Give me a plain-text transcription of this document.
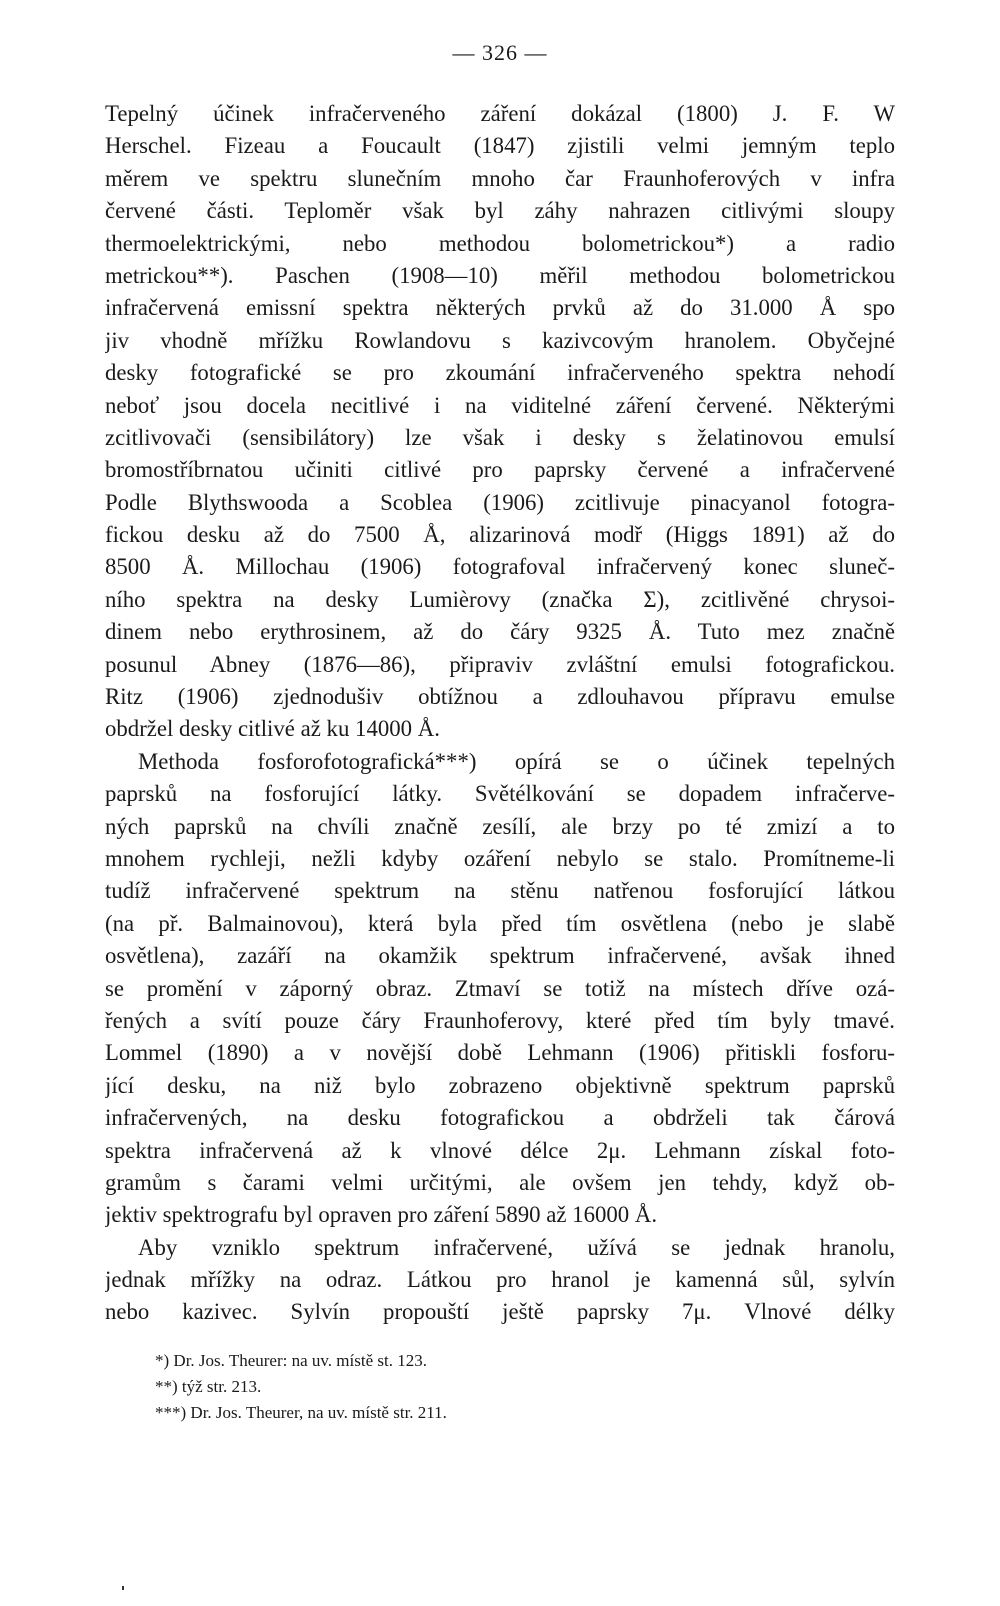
— 326 —
Tepelný účinek infračerveného záření dokázal (1800) J. F. W
Herschel. Fizeau a Foucault (1847) zjistili velmi jemným teplo
měrem ve spektru slunečním mnoho čar Fraunhoferových v infra
červené části. Teploměr však byl záhy nahrazen citlivými sloupy
thermoelektrickými, nebo methodou bolometrickou*) a radio
metrickou**). Paschen (1908—10) měřil methodou bolometrickou
infračervená emissní spektra některých prvků až do 31.000 Å spo
jiv vhodně mřížku Rowlandovu s kazivcovým hranolem. Obyčejné
desky fotografické se pro zkoumání infračerveného spektra nehodí
neboť jsou docela necitlivé i na viditelné záření červené. Některými
zcitlivovači (sensibilátory) lze však i desky s želatinovou emulsí
bromostříbrnatou učiniti citlivé pro paprsky červené a infračervené
Podle Blythswooda a Scoblea (1906) zcitlivuje pinacyanol fotogra-
fickou desku až do 7500 Å, alizarinová modř (Higgs 1891) až do
8500 Å. Millochau (1906) fotografoval infračervený konec sluneč-
ního spektra na desky Lumièrovy (značka Σ), zcitlivěné chrysoi-
dinem nebo erythrosinem, až do čáry 9325 Å. Tuto mez značně
posunul Abney (1876—86), připraviv zvláštní emulsi fotografickou.
Ritz (1906) zjednodušiv obtížnou a zdlouhavou přípravu emulse
obdržel desky citlivé až ku 14000 Å.
Methoda fosforofotografická***) opírá se o účinek tepelných
paprsků na fosforující látky. Světélkování se dopadem infračerve-
ných paprsků na chvíli značně zesílí, ale brzy po té zmizí a to
mnohem rychleji, nežli kdyby ozáření nebylo se stalo. Promítneme-li
tudíž infračervené spektrum na stěnu natřenou fosforující látkou
(na př. Balmainovou), která byla před tím osvětlena (nebo je slabě
osvětlena), zazáří na okamžik spektrum infračervené, avšak ihned
se promění v záporný obraz. Ztmaví se totiž na místech dříve ozá-
řených a svítí pouze čáry Fraunhoferovy, které před tím byly tmavé.
Lommel (1890) a v novější době Lehmann (1906) přitiskli fosforu-
jící desku, na niž bylo zobrazeno objektivně spektrum paprsků
infračervených, na desku fotografickou a obdrželi tak čárová
spektra infračervená až k vlnové délce 2μ. Lehmann získal foto-
gramům s čarami velmi určitými, ale ovšem jen tehdy, když ob-
jektiv spektrografu byl opraven pro záření 5890 až 16000 Å.
Aby vzniklo spektrum infračervené, užívá se jednak hranolu,
jednak mřížky na odraz. Látkou pro hranol je kamenná sůl, sylvín
nebo kazivec. Sylvín propouští ještě paprsky 7μ. Vlnové délky
*) Dr. Jos. Theurer: na uv. místě st. 123.
**) týž str. 213.
***) Dr. Jos. Theurer, na uv. místě str. 211.
